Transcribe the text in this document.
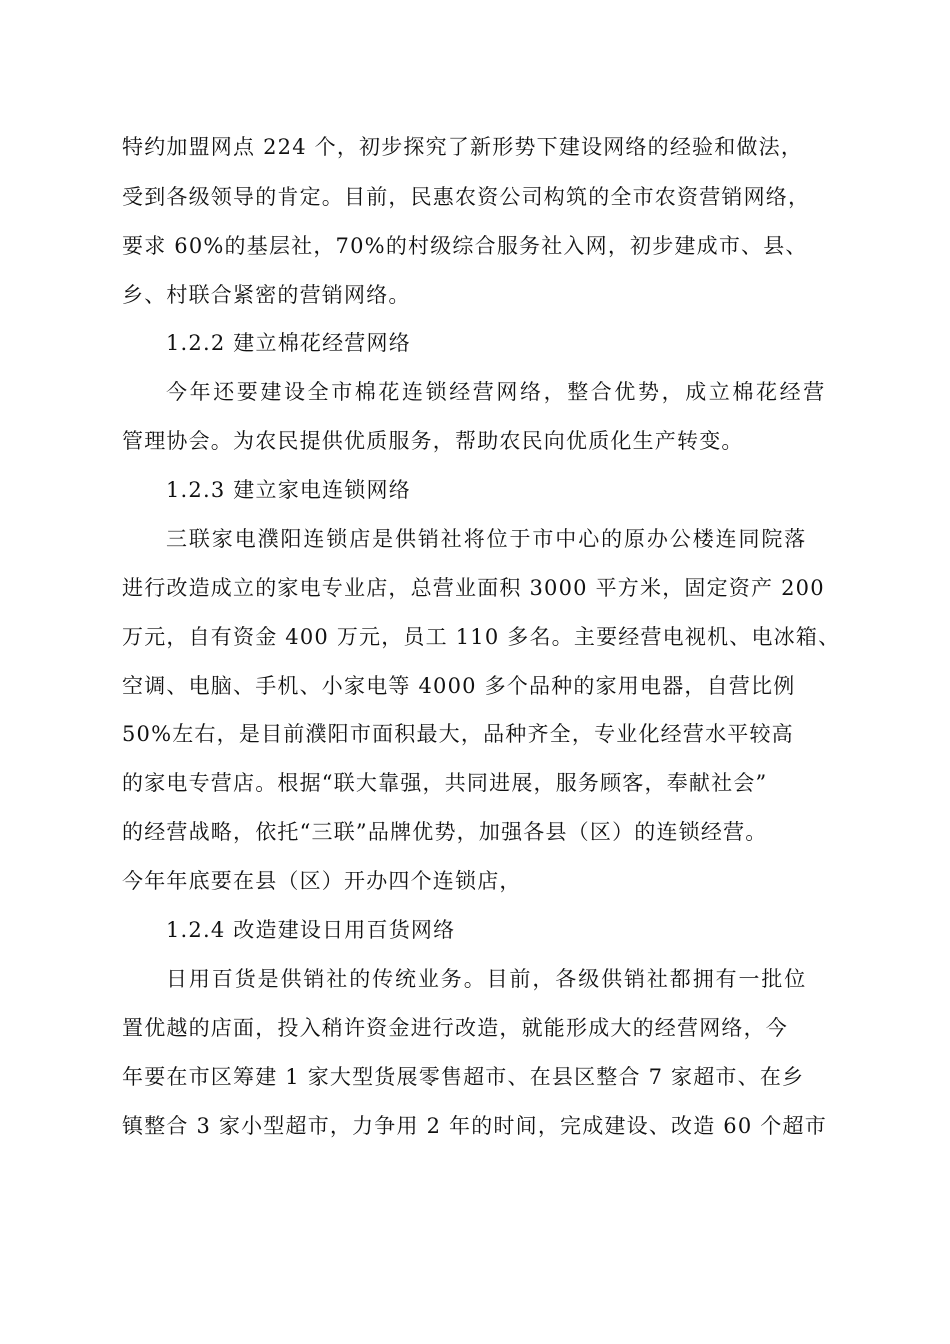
特约加盟网点 224 个，初步探究了新形势下建设网络的经验和做法，
受到各级领导的肯定。目前，民惠农资公司构筑的全市农资营销网络，
要求 60%的基层社，70%的村级综合服务社入网，初步建成市、县、
乡、村联合紧密的营销网络。
1.2.2 建立棉花经营网络
今年还要建设全市棉花连锁经营网络，整合优势，成立棉花经营
管理协会。为农民提供优质服务，帮助农民向优质化生产转变。
1.2.3 建立家电连锁网络
三联家电濮阳连锁店是供销社将位于市中心的原办公楼连同院落
进行改造成立的家电专业店，总营业面积 3000 平方米，固定资产 200
万元，自有资金 400 万元，员工 110 多名。主要经营电视机、电冰箱、
空调、电脑、手机、小家电等 4000 多个品种的家用电器，自营比例
50%左右，是目前濮阳市面积最大，品种齐全，专业化经营水平较高
的家电专营店。根据“联大靠强，共同进展，服务顾客，奉献社会”
的经营战略，依托“三联”品牌优势，加强各县（区）的连锁经营。
今年年底要在县（区）开办四个连锁店，
1.2.4 改造建设日用百货网络
日用百货是供销社的传统业务。目前，各级供销社都拥有一批位
置优越的店面，投入稍许资金进行改造，就能形成大的经营网络，今
年要在市区筹建 1 家大型货展零售超市、在县区整合 7 家超市、在乡
镇整合 3 家小型超市，力争用 2 年的时间，完成建设、改造 60 个超市
